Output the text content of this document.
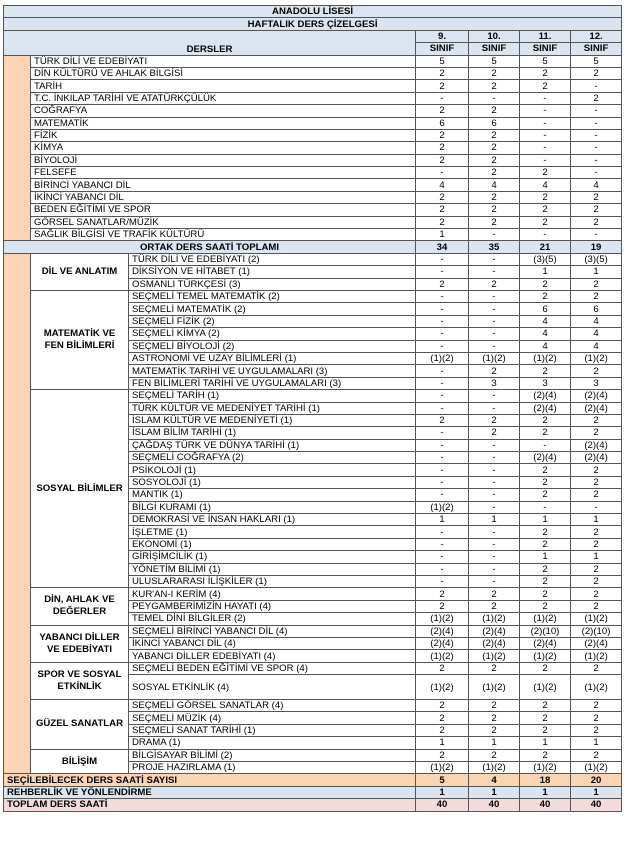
ANADOLU LİSESİ						
HAFTALIK DERS ÇİZELGESİ						
DERSLER			9.	10.	11.	12.
			SINIF	SINIF	SINIF	SINIF
	TÜRK DİLİ VE EDEBİYATI		5	5	5	5
	DİN KÜLTÜRÜ VE AHLAK BİLGİSİ		2	2	2	2
	TARİH		2	2	2	-
	T.C. İNKILAP TARİHİ VE ATATÜRKÇÜLÜK		-	-	-	2
	COĞRAFYA		2	2	-	-
	MATEMATİK		6	6	-	-
	FİZİK		2	2	-	-
	KİMYA		2	2	-	-
	BİYOLOJİ		2	2	-	-
	FELSEFE		-	2	2	-
	BİRİNCİ YABANCI DİL		4	4	4	4
	İKİNCİ YABANCI DİL		2	2	2	2
	BEDEN EĞİTİMİ VE SPOR		2	2	2	2
	GÖRSEL SANATLAR/MÜZİK		2	2	2	2
	SAĞLIK BİLGİSİ VE TRAFİK KÜLTÜRÜ		1	-	-	-
ORTAK DERS SAATİ TOPLAMI			34	35	21	19
	DİL VE ANLATIM	TÜRK DİLİ VE EDEBİYATI (2)	-	-	(3)(5)	(3)(5)
		DİKSİYON VE HİTABET (1)	-	-	1	1
		OSMANLI TÜRKÇESİ (3)	2	2	2	2
	MATEMATİK VE FEN BİLİMLERİ	SEÇMELİ TEMEL MATEMATİK (2)	-	-	2	2
		SEÇMELİ MATEMATİK (2)	-	-	6	6
		SEÇMELİ FİZİK (2)	-	-	4	4
		SEÇMELİ KİMYA (2)	-	-	4	4
		SEÇMELİ BİYOLOJİ (2)	-	-	4	4
		ASTRONOMİ VE UZAY BİLİMLERİ (1)	(1)(2)	(1)(2)	(1)(2)	(1)(2)
		MATEMATİK TARİHİ VE UYGULAMALARI (3)	-	2	2	2
		FEN BİLİMLERİ TARİHİ VE UYGULAMALARI (3)	-	3	3	3
	SOSYAL BİLİMLER	SEÇMELİ TARİH (1)	-	-	(2)(4)	(2)(4)
		TÜRK KÜLTÜR VE MEDENİYET TARİHİ (1)	-	-	(2)(4)	(2)(4)
		İSLAM KÜLTÜR VE MEDENİYETİ (1)	2	2	2	2
		İSLAM BİLİM TARİHİ (1)	-	2	2	2
		ÇAĞDAŞ TÜRK VE DÜNYA TARİHİ (1)	-	-	-	(2)(4)
		SEÇMELİ COĞRAFYA (2)	-	-	(2)(4)	(2)(4)
		PSİKOLOJİ (1)	-	-	2	2
		SOSYOLOJİ (1)	-	-	2	2
		MANTIK (1)	-	-	2	2
		BİLGİ KURAMI (1)	(1)(2)	-	-	-
		DEMOKRASİ VE İNSAN HAKLARI (1)	1	1	1	1
		İŞLETME (1)	-	-	2	2
		EKONOMİ (1)	-	-	2	2
		GİRİŞİMCİLİK (1)	-	-	1	1
		YÖNETİM BİLİMİ (1)	-	-	2	2
		ULUSLARARASI İLİŞKİLER (1)	-	-	2	2
	DİN, AHLAK VE DEĞERLER	KUR'AN-I KERİM (4)	2	2	2	2
		PEYGAMBERİMİZİN HAYATI (4)	2	2	2	2
		TEMEL DİNİ BİLGİLER (2)	(1)(2)	(1)(2)	(1)(2)	(1)(2)
	YABANCI DİLLER VE EDEBİYATI	SEÇMELİ BİRİNCİ YABANCI DİL (4)	(2)(4)	(2)(4)	(2)(10)	(2)(10)
		İKİNCİ YABANCI DİL (4)	(2)(4)	(2)(4)	(2)(4)	(2)(4)
		YABANCI DİLLER EDEBİYATI (4)	(1)(2)	(1)(2)	(1)(2)	(1)(2)
	SPOR VE SOSYAL ETKİNLİK	SEÇMELİ BEDEN EĞİTİMİ VE SPOR (4)	2	2	2	2
		SOSYAL ETKİNLİK (4)	(1)(2)	(1)(2)	(1)(2)	(1)(2)
	GÜZEL SANATLAR	SEÇMELİ GÖRSEL SANATLAR (4)	2	2	2	2
		SEÇMELİ MÜZİK (4)	2	2	2	2
		SEÇMELİ SANAT TARİHİ (1)	2	2	2	2
		DRAMA (1)	1	1	1	1
	BİLİŞİM	BİLGİSAYAR BİLİMİ (2)	2	2	2	2
		PROJE HAZIRLAMA (1)	(1)(2)	(1)(2)	(1)(2)	(1)(2)
SEÇİLEBİLECEK DERS SAATİ SAYISI			5	4	18	20
REHBERLİK VE YÖNLENDİRME			1	1	1	1
TOPLAM DERS SAATİ			40	40	40	40
